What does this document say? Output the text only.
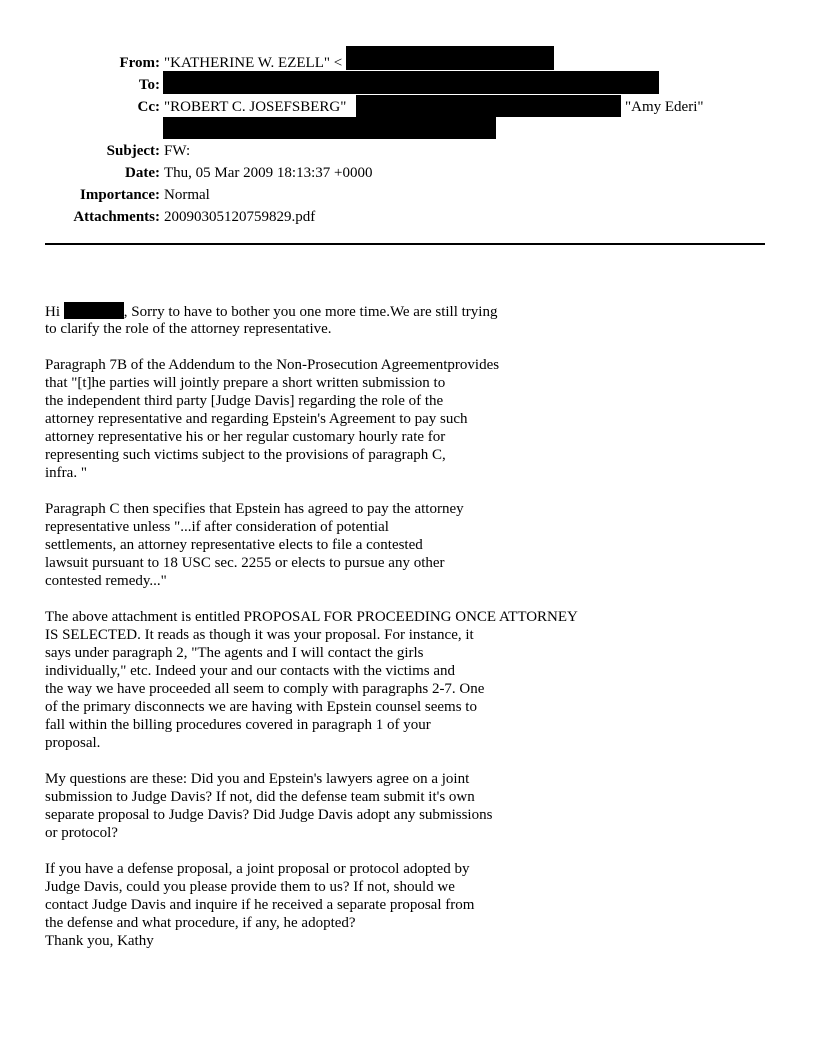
From: "KATHERINE W. EZELL" <
To:
Cc: "ROBERT C. JOSEFSBERG"	"Amy Ederi"
Subject: FW:
Date: Thu, 05 Mar 2009 18:13:37 +0000
Importance: Normal
Attachments: 20090305120759829.pdf
Hi	, Sorry to have to bother you one more time.We are still trying
to clarify the role of the attorney representative.
Paragraph 7B of the Addendum to the Non-Prosecution Agreementprovides
that "[t]he parties will jointly prepare a short written submission to
the independent third party [Judge Davis] regarding the role of the
attorney representative and regarding Epstein's Agreement to pay such
attorney representative his or her regular customary hourly rate for
representing such victims subject to the provisions of paragraph C,
infra. "
Paragraph C then specifies that Epstein has agreed to pay the attorney
representative unless "...if after consideration of potential
settlements, an attorney representative elects to file a contested
lawsuit pursuant to 18 USC sec. 2255 or elects to pursue any other
contested remedy..."
The above attachment is entitled PROPOSAL FOR PROCEEDING ONCE ATTORNEY
IS SELECTED. It reads as though it was your proposal. For instance, it
says under paragraph 2, "The agents and I will contact the girls
individually," etc. Indeed your and our contacts with the victims and
the way we have proceeded all seem to comply with paragraphs 2-7. One
of the primary disconnects we are having with Epstein counsel seems to
fall within the billing procedures covered in paragraph 1 of your
proposal.
My questions are these: Did you and Epstein's lawyers agree on a joint
submission to Judge Davis? If not, did the defense team submit it's own
separate proposal to Judge Davis? Did Judge Davis adopt any submissions
or protocol?
If you have a defense proposal, a joint proposal or protocol adopted by
Judge Davis, could you please provide them to us? If not, should we
contact Judge Davis and inquire if he received a separate proposal from
the defense and what procedure, if any, he adopted?
Thank you, Kathy
